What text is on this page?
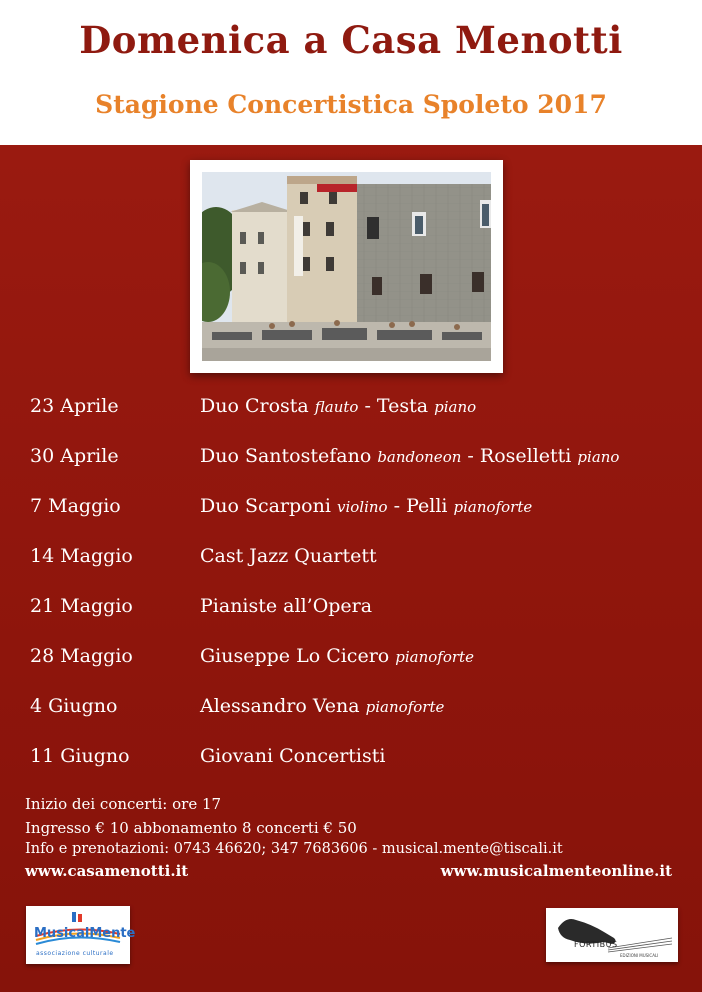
Domenica a Casa Menotti
Stagione Concertistica Spoleto 2017
23 Aprile	Duo Crosta flauto - Testa piano
30 Aprile	Duo Santostefano bandoneon - Roselletti piano
7 Maggio	Duo Scarponi violino - Pelli pianoforte
14 Maggio	Cast Jazz Quartett
21 Maggio	Pianiste all’Opera
28 Maggio	Giuseppe Lo Cicero pianoforte
4 Giugno	Alessandro Vena pianoforte
11 Giugno	Giovani Concertisti
Inizio dei concerti: ore 17
Ingresso € 10 abbonamento 8 concerti € 50
Info e prenotazioni: 0743 46620; 347 7683606 - musical.mente@tiscali.it
www.casamenotti.it	www.musicalmenteonline.it
MusicalMente
associazione culturale
FORTIBUS
EDIZIONI MUSICALI
